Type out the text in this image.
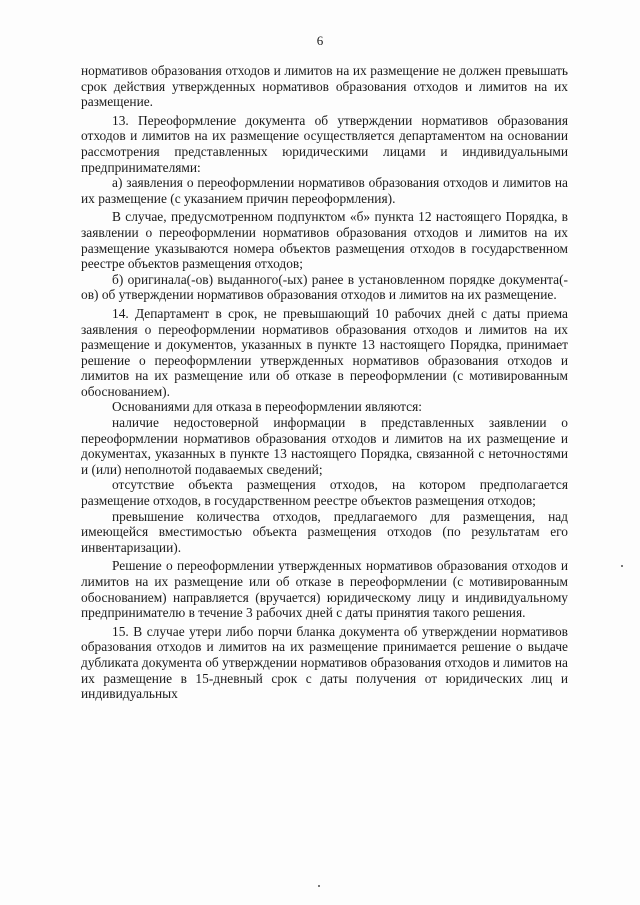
6

нормативов образования отходов и лимитов на их размещение не должен превышать срок действия утвержденных нормативов образования отходов и лимитов на их размещение.

13. Переоформление документа об утверждении нормативов образования отходов и лимитов на их размещение осуществляется департаментом на основании рассмотрения представленных юридическими лицами и индивидуальными предпринимателями:

а) заявления о переоформлении нормативов образования отходов и лимитов на их размещение (с указанием причин переоформления).

В случае, предусмотренном подпунктом «б» пункта 12 настоящего Порядка, в заявлении о переоформлении нормативов образования отходов и лимитов на их размещение указываются номера объектов размещения отходов в государственном реестре объектов размещения отходов;

б) оригинала(-ов) выданного(-ых) ранее в установленном порядке документа(-ов) об утверждении нормативов образования отходов и лимитов на их размещение.

14. Департамент в срок, не превышающий 10 рабочих дней с даты приема заявления о переоформлении нормативов образования отходов и лимитов на их размещение и документов, указанных в пункте 13 настоящего Порядка, принимает решение о переоформлении утвержденных нормативов образования отходов и лимитов на их размещение или об отказе в переоформлении (с мотивированным обоснованием).

Основаниями для отказа в переоформлении являются:

наличие недостоверной информации в представленных заявлении о переоформлении нормативов образования отходов и лимитов на их размещение и документах, указанных в пункте 13 настоящего Порядка, связанной с неточностями и (или) неполнотой подаваемых сведений;

отсутствие объекта размещения отходов, на котором предполагается размещение отходов, в государственном реестре объектов размещения отходов;

превышение количества отходов, предлагаемого для размещения, над имеющейся вместимостью объекта размещения отходов (по результатам его инвентаризации).

Решение о переоформлении утвержденных нормативов образования отходов и лимитов на их размещение или об отказе в переоформлении (с мотивированным обоснованием) направляется (вручается) юридическому лицу и индивидуальному предпринимателю в течение 3 рабочих дней с даты принятия такого решения.

15. В случае утери либо порчи бланка документа об утверждении нормативов образования отходов и лимитов на их размещение принимается решение о выдаче дубликата документа об утверждении нормативов образования отходов и лимитов на их размещение в 15-дневный срок с даты получения от юридических лиц и индивидуальных
